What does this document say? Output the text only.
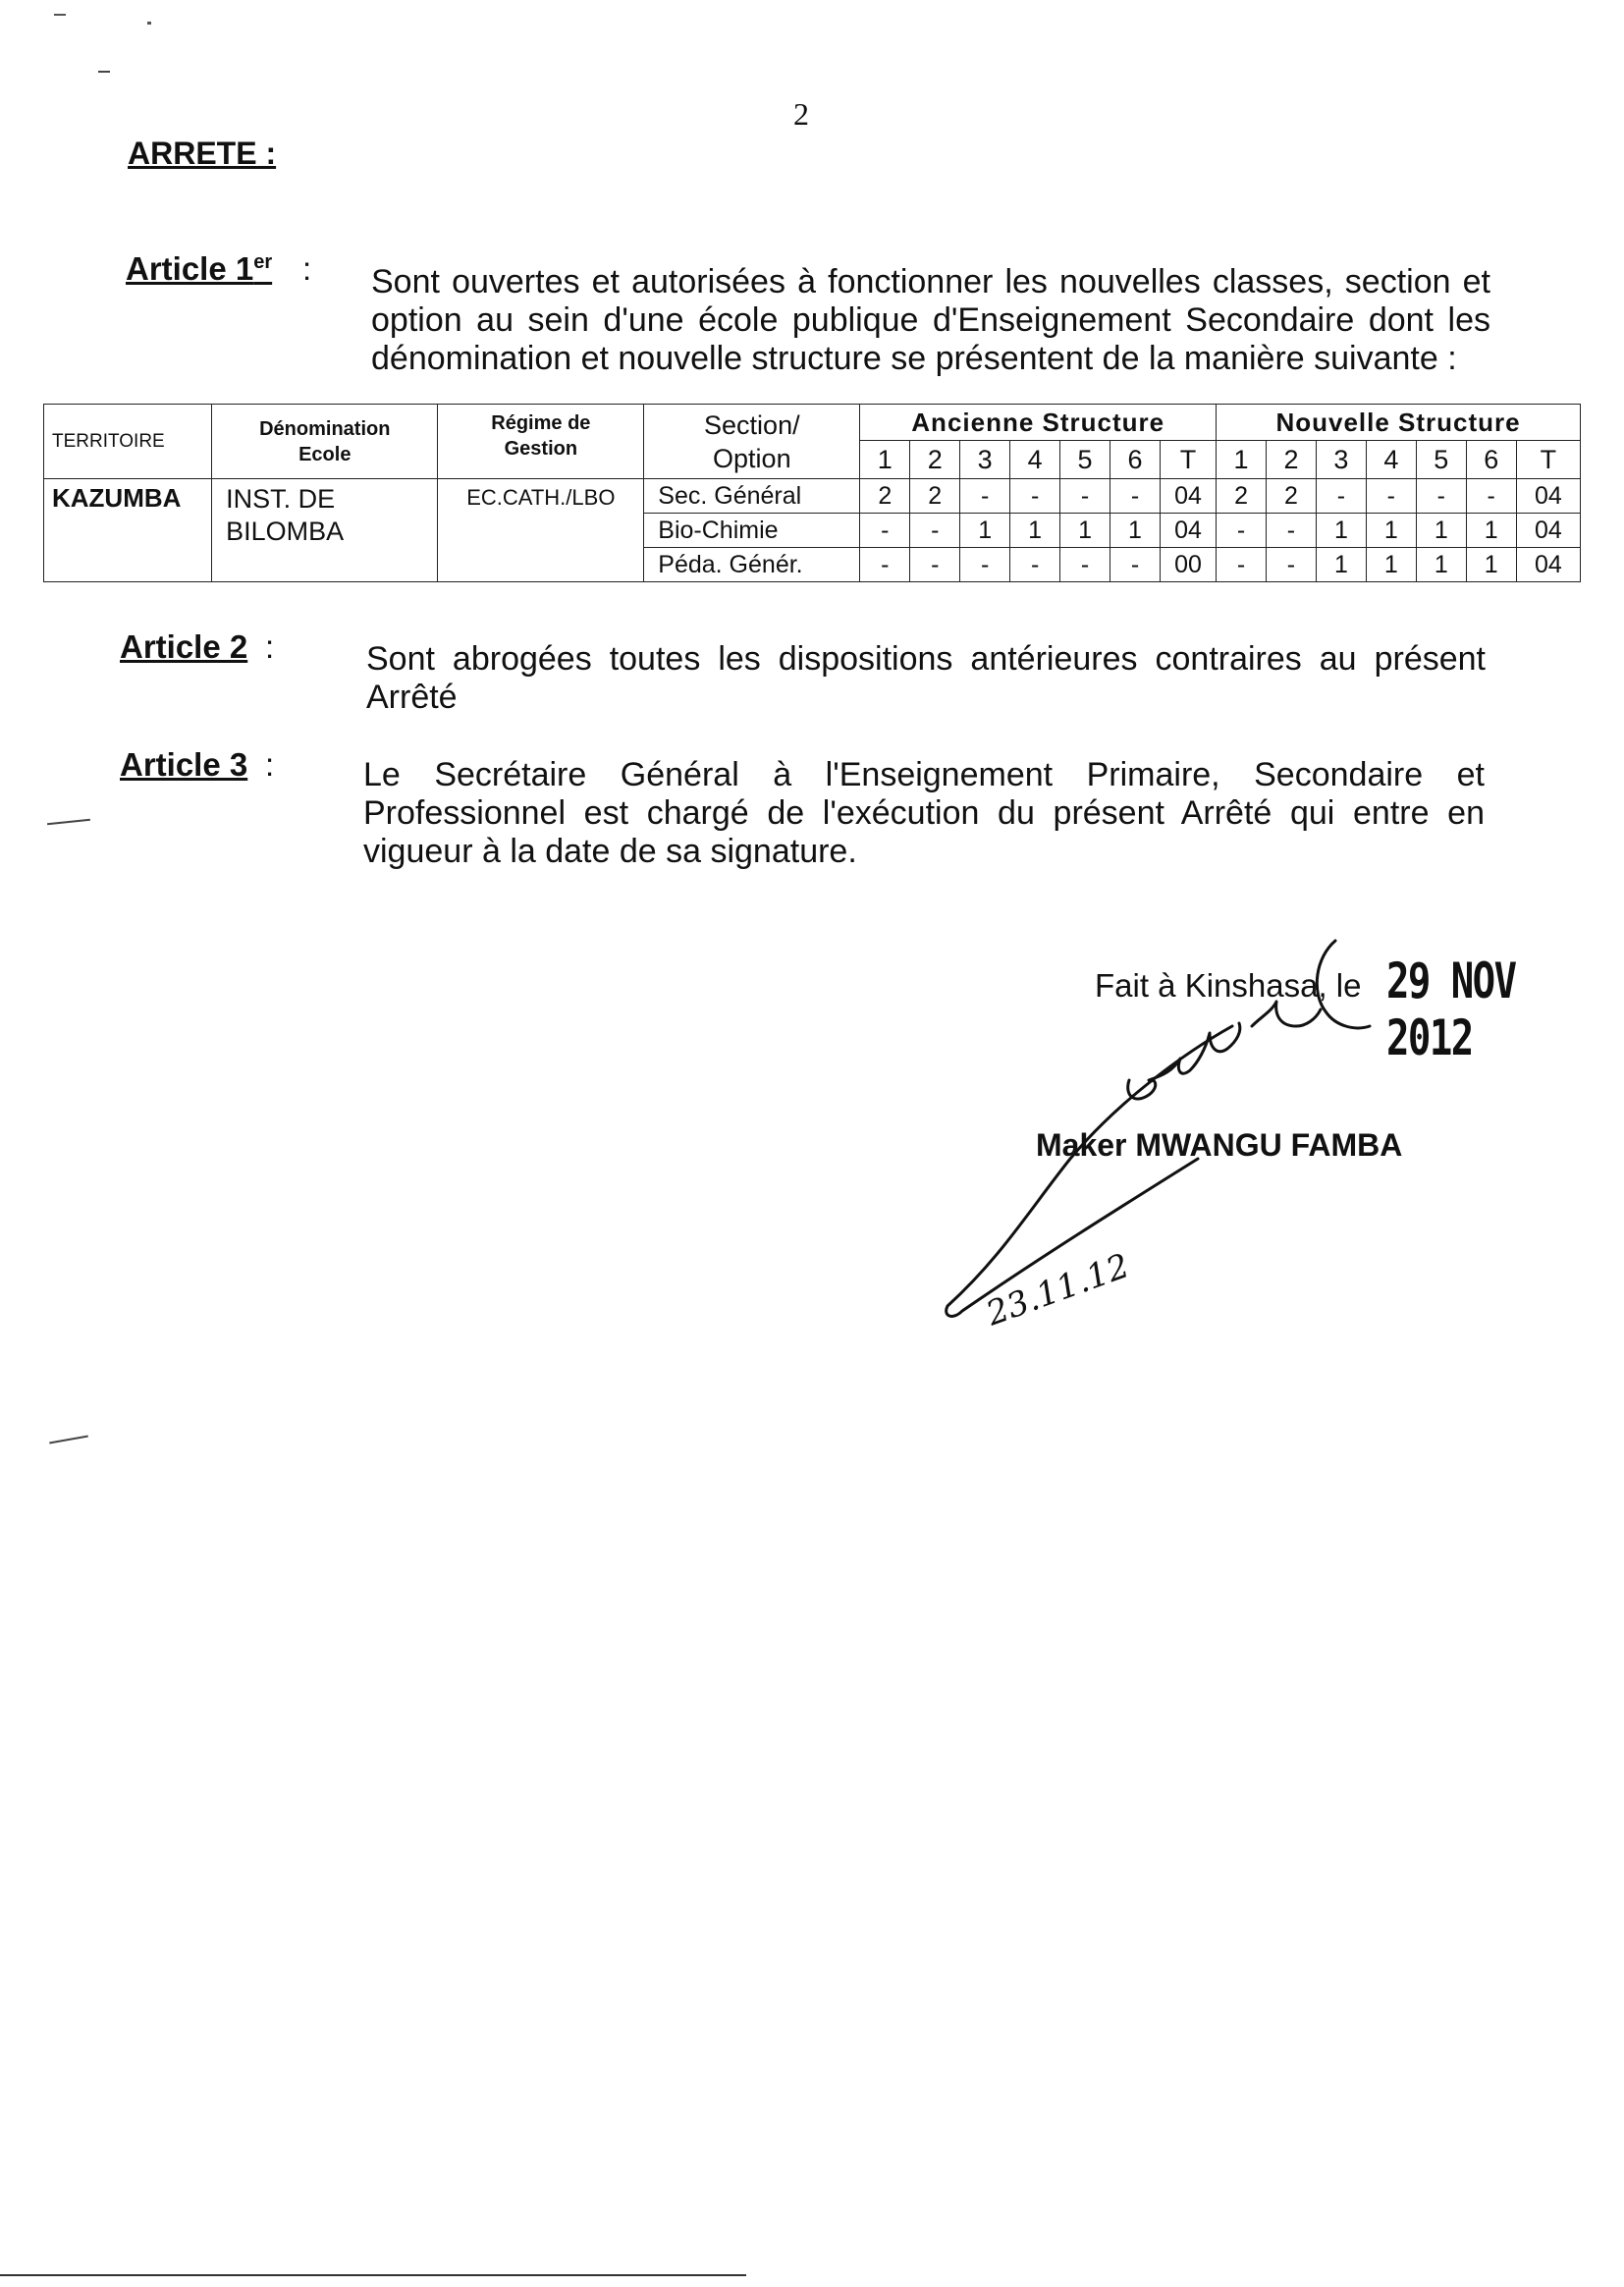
2
ARRETE :
Article 1er : Sont ouvertes et autorisées à fonctionner les nouvelles classes, section et option au sein d'une école publique d'Enseignement Secondaire dont les dénomination et nouvelle structure se présentent de la manière suivante :
TERRITOIRE	Dénomination Ecole	Régime de Gestion	Section/ Option	Ancienne Structure							Nouvelle Structure						
				1	2	3	4	5	6	T	1	2	3	4	5	6	T
KAZUMBA	INST. DE BILOMBA	EC.CATH./LBO	Sec. Général	2	2	-	-	-	-	04	2	2	-	-	-	-	04
			Bio-Chimie	-	-	1	1	1	1	04	-	-	1	1	1	1	04
			Péda. Génér.	-	-	-	-	-	-	00	-	-	1	1	1	1	04
Article 2 :	Sont abrogées toutes les dispositions antérieures contraires au présent Arrêté
Article 3 :	Le Secrétaire Général à l'Enseignement Primaire, Secondaire et Professionnel est chargé de l'exécution du présent Arrêté qui entre en vigueur à la date de sa signature.
Fait à Kinshasa, le 29 NOV 2012
Maker MWANGU FAMBA
23.11.12
